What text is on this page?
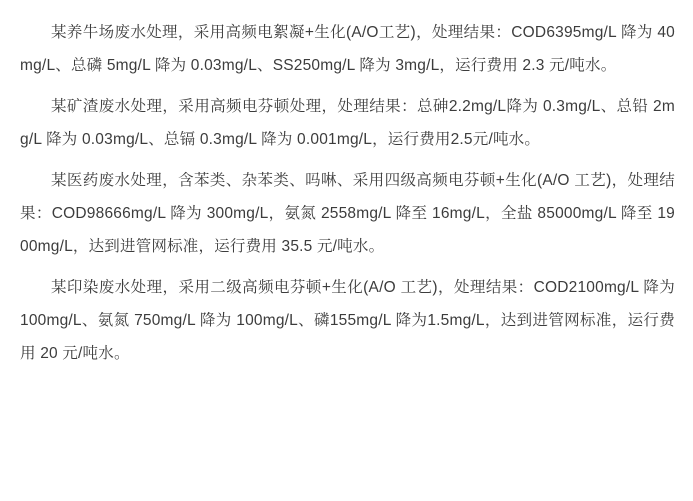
某养牛场废水处理，采用高频电絮凝+生化(A/O工艺)，处理结果：COD6395mg/L 降为 40mg/L、总磷 5mg/L 降为 0.03mg/L、SS250mg/L 降为 3mg/L，运行费用 2.3 元/吨水。

某矿渣废水处理，采用高频电芬顿处理，处理结果：总砷2.2mg/L降为 0.3mg/L、总铅 2mg/L 降为 0.03mg/L、总镉 0.3mg/L 降为 0.001mg/L，运行费用2.5元/吨水。

某医药废水处理，含苯类、杂苯类、吗啉、采用四级高频电芬顿+生化(A/O 工艺)，处理结果：COD98666mg/L 降为 300mg/L，氨氮 2558mg/L 降至 16mg/L，全盐 85000mg/L 降至 1900mg/L，达到进管网标准，运行费用 35.5 元/吨水。

某印染废水处理，采用二级高频电芬顿+生化(A/O 工艺)，处理结果：COD2100mg/L 降为 100mg/L、氨氮 750mg/L 降为 100mg/L、磷155mg/L 降为1.5mg/L，达到进管网标准，运行费用 20 元/吨水。
